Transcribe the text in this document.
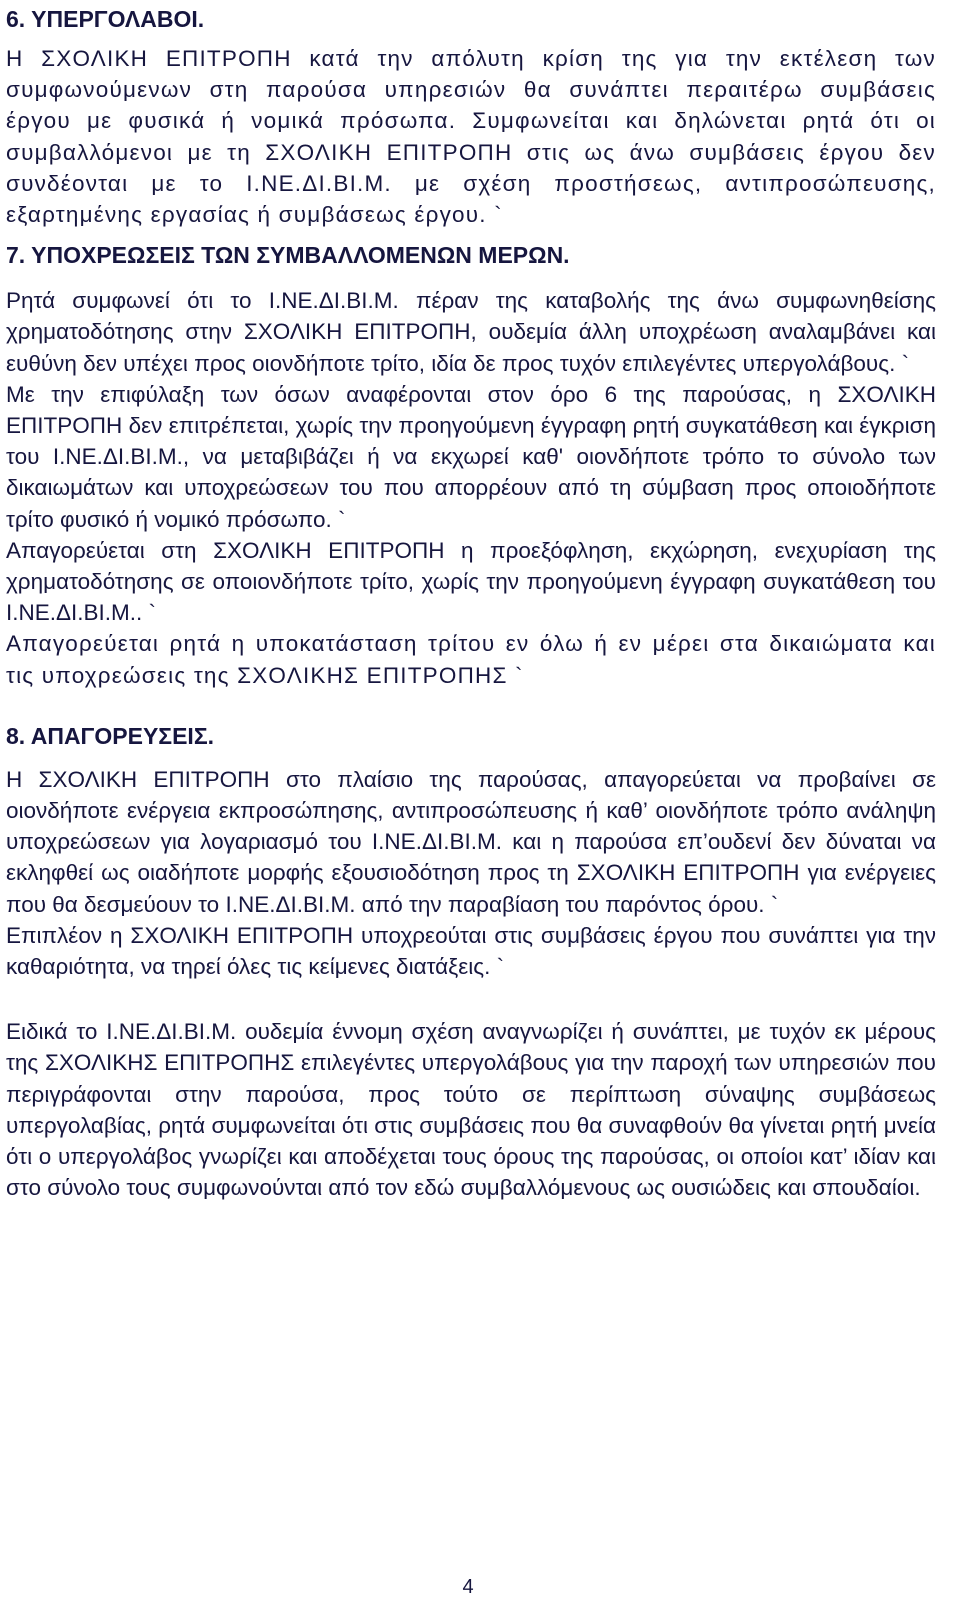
6. ΥΠΕΡΓΟΛΑΒΟΙ.

Η ΣΧΟΛΙΚΗ ΕΠΙΤΡΟΠΗ κατά την απόλυτη κρίση της για την εκτέλεση των συμφωνούμενων στη παρούσα υπηρεσιών θα συνάπτει περαιτέρω συμβάσεις έργου με φυσικά ή νομικά πρόσωπα. Συμφωνείται και δηλώνεται ρητά ότι οι συμβαλλόμενοι με τη ΣΧΟΛΙΚΗ ΕΠΙΤΡΟΠΗ στις ως άνω συμβάσεις έργου δεν συνδέονται με το Ι.ΝΕ.ΔΙ.ΒΙ.Μ. με σχέση προστήσεως, αντιπροσώπευσης, εξαρτημένης εργασίας ή συμβάσεως έργου. `

7. ΥΠΟΧΡΕΩΣΕΙΣ ΤΩΝ ΣΥΜΒΑΛΛΟΜΕΝΩΝ ΜΕΡΩΝ.

Ρητά συμφωνεί ότι το Ι.ΝΕ.ΔΙ.ΒΙ.Μ. πέραν της καταβολής της άνω συμφωνηθείσης χρηματοδότησης στην ΣΧΟΛΙΚΗ ΕΠΙΤΡΟΠΗ, ουδεμία άλλη υποχρέωση αναλαμβάνει και ευθύνη δεν υπέχει προς οιονδήποτε τρίτο, ιδία δε προς τυχόν επιλεγέντες υπεργολάβους. `

Με την επιφύλαξη των όσων αναφέρονται στον όρο 6 της παρούσας, η ΣΧΟΛΙΚΗ ΕΠΙΤΡΟΠΗ δεν επιτρέπεται, χωρίς την προηγούμενη έγγραφη ρητή συγκατάθεση και έγκριση του Ι.ΝΕ.ΔΙ.ΒΙ.Μ., να μεταβιβάζει ή να εκχωρεί καθ' οιονδήποτε τρόπο το σύνολο των δικαιωμάτων και υποχρεώσεων του που απορρέουν από τη σύμβαση προς οποιοδήποτε τρίτο φυσικό ή νομικό πρόσωπο. `

Απαγορεύεται στη ΣΧΟΛΙΚΗ ΕΠΙΤΡΟΠΗ η προεξόφληση, εκχώρηση, ενεχυρίαση της χρηματοδότησης σε οποιονδήποτε τρίτο, χωρίς την προηγούμενη έγγραφη συγκατάθεση του Ι.ΝΕ.ΔΙ.ΒΙ.Μ.. `

Απαγορεύεται ρητά η υποκατάσταση τρίτου εν όλω ή εν μέρει στα δικαιώματα και τις υποχρεώσεις της ΣΧΟΛΙΚΗΣ ΕΠΙΤΡΟΠΗΣ `

8. ΑΠΑΓΟΡΕΥΣΕΙΣ.

Η ΣΧΟΛΙΚΗ ΕΠΙΤΡΟΠΗ στο πλαίσιο της παρούσας, απαγορεύεται να προβαίνει σε οιονδήποτε ενέργεια εκπροσώπησης, αντιπροσώπευσης ή καθ’ οιονδήποτε τρόπο ανάληψη υποχρεώσεων για λογαριασμό του Ι.ΝΕ.ΔΙ.ΒΙ.Μ. και η παρούσα επ’ουδενί δεν δύναται να εκληφθεί ως οιαδήποτε μορφής εξουσιοδότηση προς τη ΣΧΟΛΙΚΗ ΕΠΙΤΡΟΠΗ για ενέργειες που θα δεσμεύουν το Ι.ΝΕ.ΔΙ.ΒΙ.Μ. από την παραβίαση του παρόντος όρου. `

Επιπλέον η ΣΧΟΛΙΚΗ ΕΠΙΤΡΟΠΗ υποχρεούται στις συμβάσεις έργου που συνάπτει για την καθαριότητα, να τηρεί όλες τις κείμενες διατάξεις. `

Ειδικά το Ι.ΝΕ.ΔΙ.ΒΙ.Μ. ουδεμία έννομη σχέση αναγνωρίζει ή συνάπτει, με τυχόν εκ μέρους της ΣΧΟΛΙΚΗΣ ΕΠΙΤΡΟΠΗΣ επιλεγέντες υπεργολάβους για την παροχή των υπηρεσιών που περιγράφονται στην παρούσα, προς τούτο σε περίπτωση σύναψης συμβάσεως υπεργολαβίας, ρητά συμφωνείται ότι στις συμβάσεις που θα συναφθούν θα γίνεται ρητή μνεία ότι ο υπεργολάβος γνωρίζει και αποδέχεται τους όρους της παρούσας, οι οποίοι κατ’ ιδίαν και στο σύνολο τους συμφωνούνται από τον εδώ συμβαλλόμενους ως ουσιώδεις και σπουδαίοι.

4
